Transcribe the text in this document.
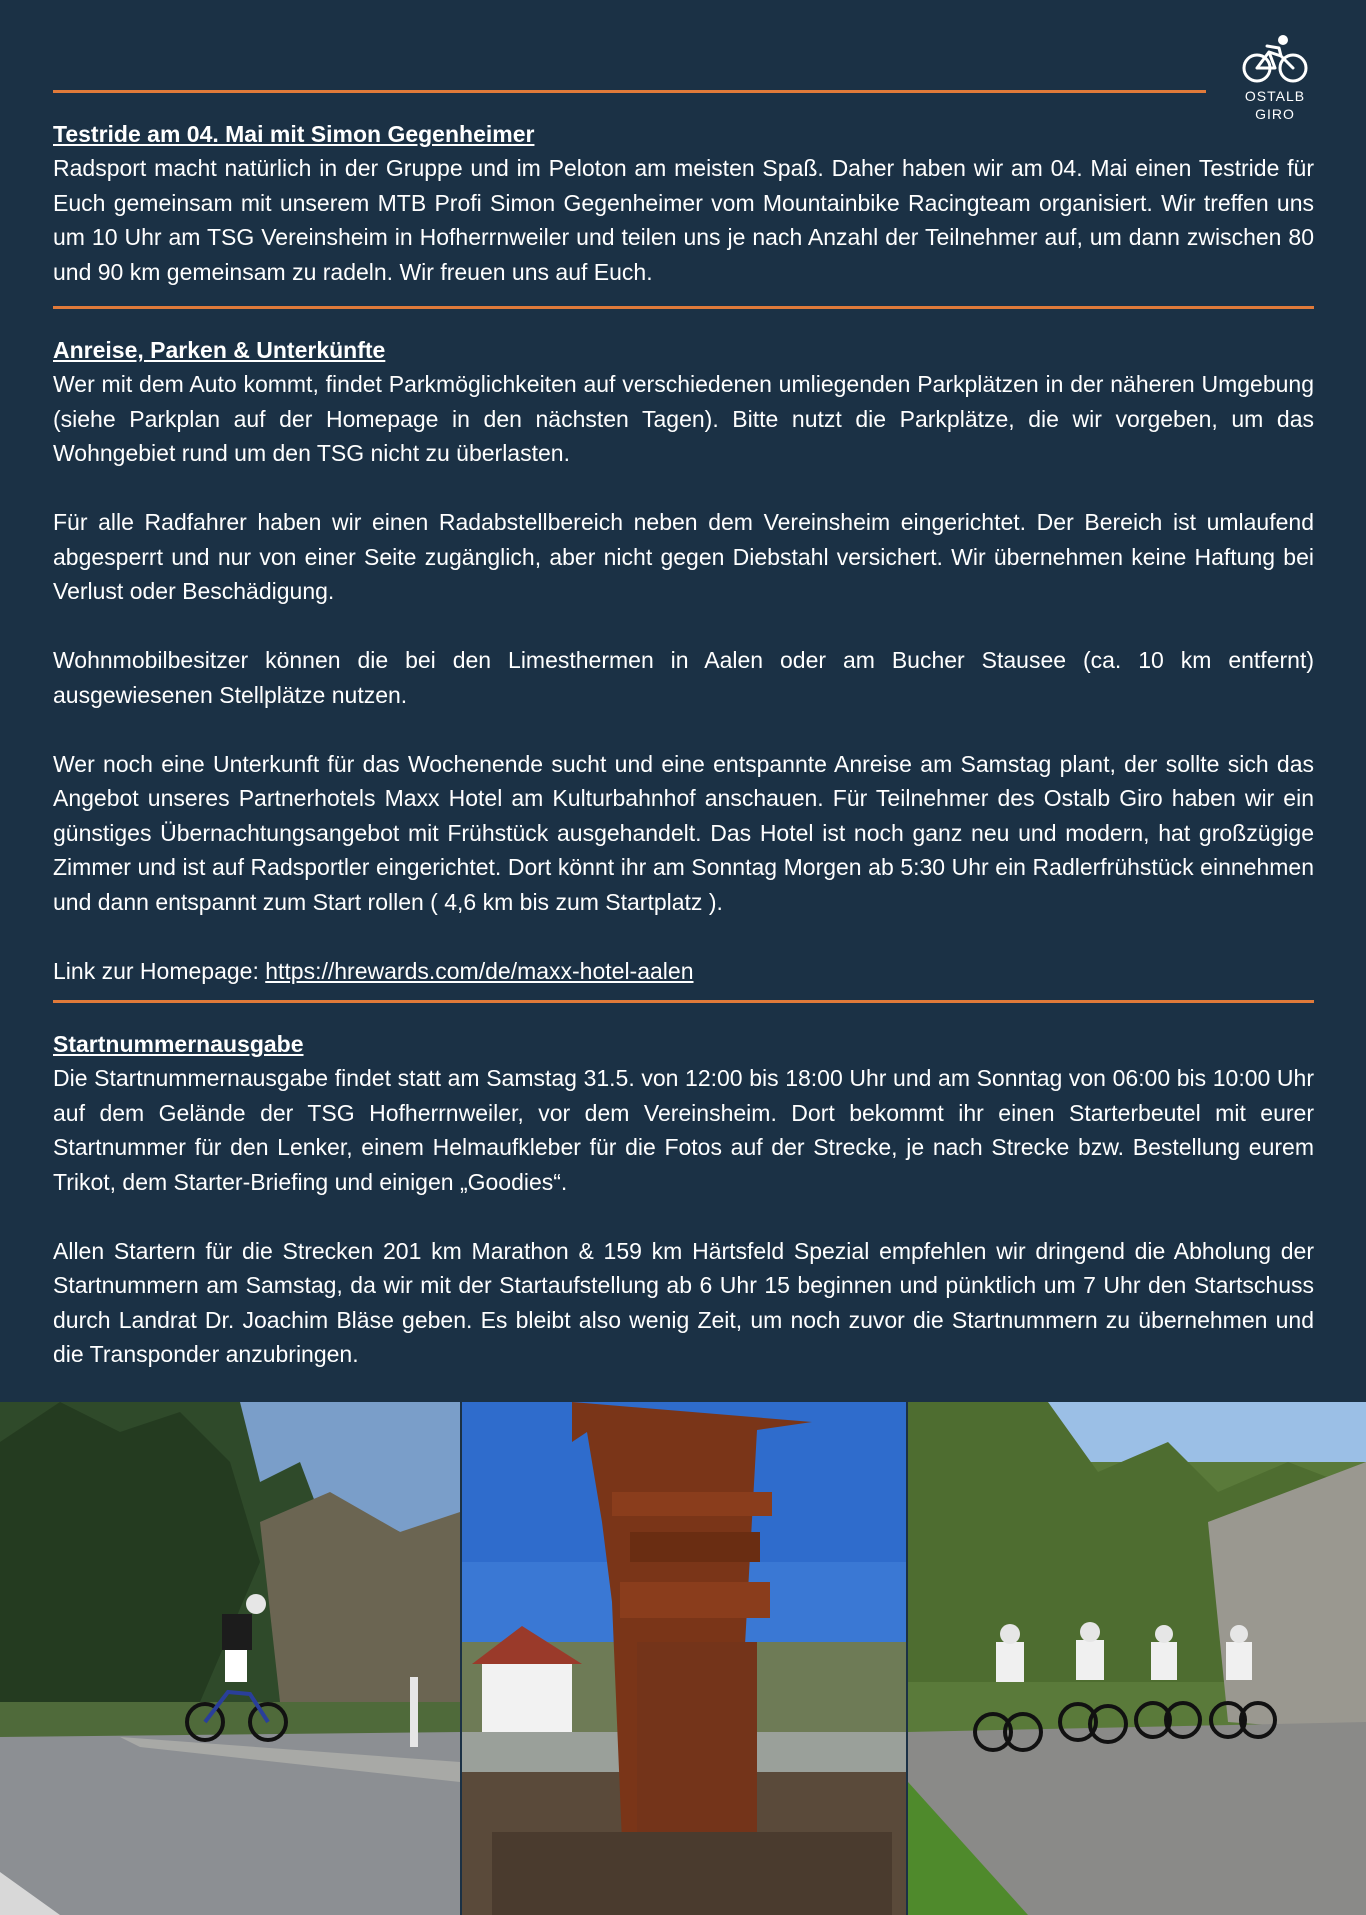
OSTALB
GIRO
Testride am 04. Mai mit Simon Gegenheimer
Radsport macht natürlich in der Gruppe und im Peloton am meisten Spaß. Daher haben wir am 04. Mai einen Testride für Euch gemeinsam mit unserem MTB Profi Simon Gegenheimer vom Mountainbike Racingteam organisiert. Wir treffen uns um 10 Uhr am TSG Vereinsheim in Hofherrnweiler und teilen uns je nach Anzahl der Teilnehmer auf, um dann zwischen 80 und 90 km gemeinsam zu radeln. Wir freuen uns auf Euch.
Anreise, Parken & Unterkünfte
Wer mit dem Auto kommt, findet Parkmöglichkeiten auf verschiedenen umliegenden Parkplätzen in der näheren Umgebung (siehe Parkplan auf der Homepage in den nächsten Tagen). Bitte nutzt die Parkplätze, die wir vorgeben, um das Wohngebiet rund um den TSG nicht zu überlasten.
Für alle Radfahrer haben wir einen Radabstellbereich neben dem Vereinsheim eingerichtet. Der Bereich ist umlaufend abgesperrt und nur von einer Seite zugänglich, aber nicht gegen Diebstahl versichert. Wir übernehmen keine Haftung bei Verlust oder Beschädigung.
Wohnmobilbesitzer können die bei den Limesthermen in Aalen oder am Bucher Stausee (ca. 10 km entfernt) ausgewiesenen Stellplätze nutzen.
Wer noch eine Unterkunft für das Wochenende sucht und eine entspannte Anreise am Samstag plant, der sollte sich das Angebot unseres Partnerhotels Maxx Hotel am Kulturbahnhof anschauen. Für Teilnehmer des Ostalb Giro haben wir ein günstiges Übernachtungsangebot mit Frühstück ausgehandelt. Das Hotel ist noch ganz neu und modern, hat großzügige Zimmer und ist auf Radsportler eingerichtet. Dort könnt ihr am Sonntag Morgen ab 5:30 Uhr ein Radlerfrühstück einnehmen und dann entspannt zum Start rollen ( 4,6 km bis zum Startplatz ).
Link zur Homepage: https://hrewards.com/de/maxx-hotel-aalen
Startnummernausgabe
Die Startnummernausgabe findet statt am Samstag 31.5. von 12:00 bis 18:00 Uhr und am Sonntag von 06:00 bis 10:00 Uhr auf dem Gelände der TSG Hofherrnweiler, vor dem Vereinsheim. Dort bekommt ihr einen Starterbeutel mit eurer Startnummer für den Lenker, einem Helmaufkleber für die Fotos auf der Strecke, je nach Strecke bzw. Bestellung eurem Trikot, dem Starter-Briefing und einigen „Goodies“.
Allen Startern für die Strecken 201 km Marathon & 159 km Härtsfeld Spezial empfehlen wir dringend die Abholung der Startnummern am Samstag, da wir mit der Startaufstellung ab 6 Uhr 15 beginnen und pünktlich um 7 Uhr den Startschuss durch Landrat Dr. Joachim Bläse geben. Es bleibt also wenig Zeit, um noch zuvor die Startnummern zu übernehmen und die Transponder anzubringen.
